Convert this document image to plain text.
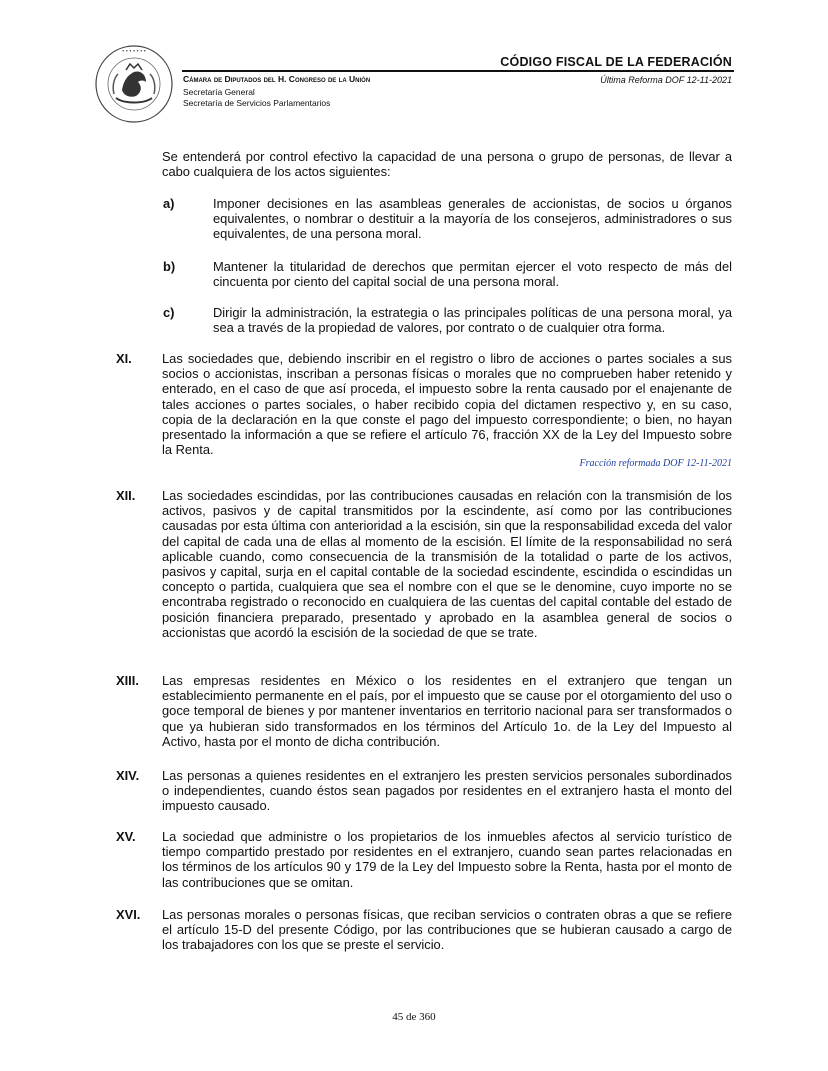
• • • • • • •
CÓDIGO FISCAL DE LA FEDERACIÓN
Cámara de Diputados del H. Congreso de la Unión
Secretaría General
Secretaría de Servicios Parlamentarios
Última Reforma DOF 12-11-2021
Se entenderá por control efectivo la capacidad de una persona o grupo de personas, de llevar a cabo cualquiera de los actos siguientes:
a)	Imponer decisiones en las asambleas generales de accionistas, de socios u órganos equivalentes, o nombrar o destituir a la mayoría de los consejeros, administradores o sus equivalentes, de una persona moral.
b)	Mantener la titularidad de derechos que permitan ejercer el voto respecto de más del cincuenta por ciento del capital social de una persona moral.
c)	Dirigir la administración, la estrategia o las principales políticas de una persona moral, ya sea a través de la propiedad de valores, por contrato o de cualquier otra forma.
XI. Las sociedades que, debiendo inscribir en el registro o libro de acciones o partes sociales a sus socios o accionistas, inscriban a personas físicas o morales que no comprueben haber retenido y enterado, en el caso de que así proceda, el impuesto sobre la renta causado por el enajenante de tales acciones o partes sociales, o haber recibido copia del dictamen respectivo y, en su caso, copia de la declaración en la que conste el pago del impuesto correspondiente; o bien, no hayan presentado la información a que se refiere el artículo 76, fracción XX de la Ley del Impuesto sobre la Renta.
Fracción reformada DOF 12-11-2021
XII. Las sociedades escindidas, por las contribuciones causadas en relación con la transmisión de los activos, pasivos y de capital transmitidos por la escindente, así como por las contribuciones causadas por esta última con anterioridad a la escisión, sin que la responsabilidad exceda del valor del capital de cada una de ellas al momento de la escisión. El límite de la responsabilidad no será aplicable cuando, como consecuencia de la transmisión de la totalidad o parte de los activos, pasivos y capital, surja en el capital contable de la sociedad escindente, escindida o escindidas un concepto o partida, cualquiera que sea el nombre con el que se le denomine, cuyo importe no se encontraba registrado o reconocido en cualquiera de las cuentas del capital contable del estado de posición financiera preparado, presentado y aprobado en la asamblea general de socios o accionistas que acordó la escisión de la sociedad de que se trate.
XIII. Las empresas residentes en México o los residentes en el extranjero que tengan un establecimiento permanente en el país, por el impuesto que se cause por el otorgamiento del uso o goce temporal de bienes y por mantener inventarios en territorio nacional para ser transformados o que ya hubieran sido transformados en los términos del Artículo 1o. de la Ley del Impuesto al Activo, hasta por el monto de dicha contribución.
XIV. Las personas a quienes residentes en el extranjero les presten servicios personales subordinados o independientes, cuando éstos sean pagados por residentes en el extranjero hasta el monto del impuesto causado.
XV. La sociedad que administre o los propietarios de los inmuebles afectos al servicio turístico de tiempo compartido prestado por residentes en el extranjero, cuando sean partes relacionadas en los términos de los artículos 90 y 179 de la Ley del Impuesto sobre la Renta, hasta por el monto de las contribuciones que se omitan.
XVI. Las personas morales o personas físicas, que reciban servicios o contraten obras a que se refiere el artículo 15-D del presente Código, por las contribuciones que se hubieran causado a cargo de los trabajadores con los que se preste el servicio.
45 de 360
